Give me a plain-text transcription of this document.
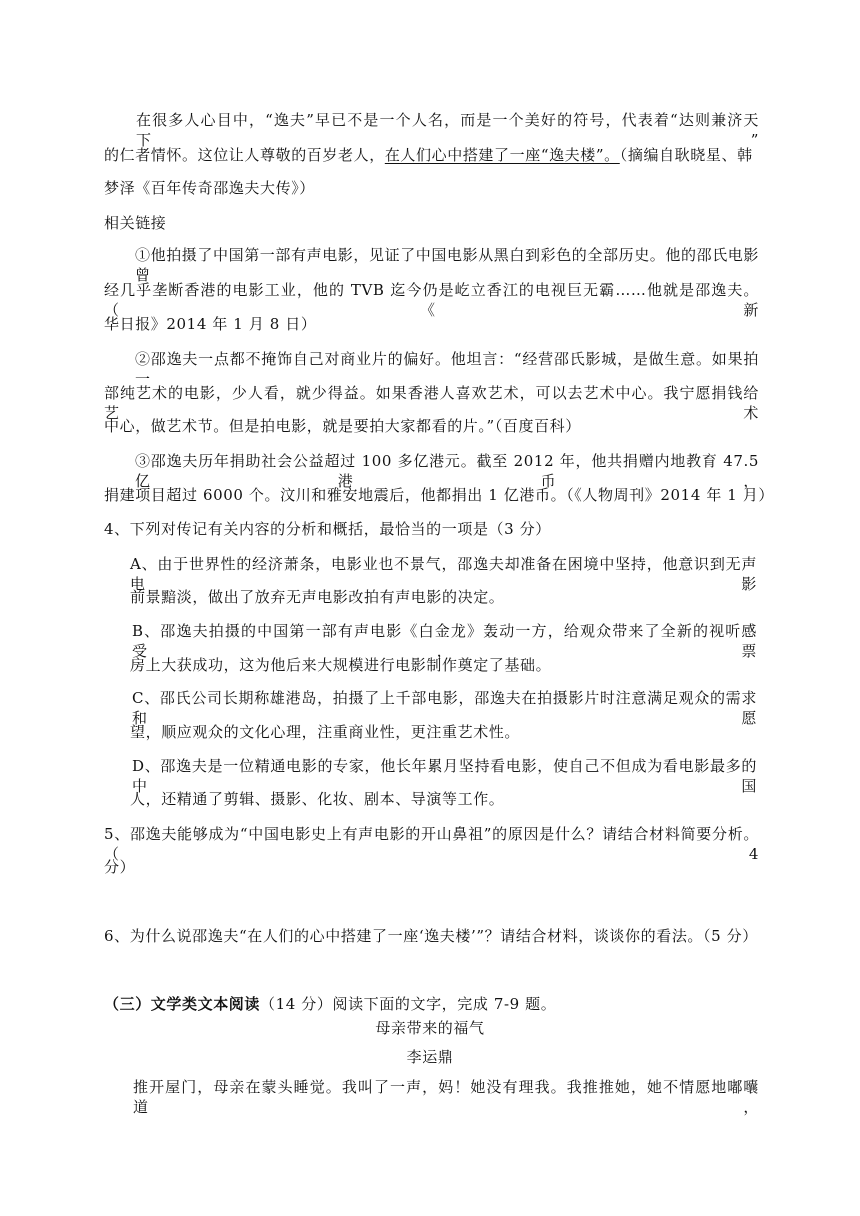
在很多人心目中，“逸夫”早已不是一个人名，而是一个美好的符号，代表着“达则兼济天下”
的仁者情怀。这位让人尊敬的百岁老人，在人们心中搭建了一座“逸夫楼”。（摘编自耿晓星、韩
梦泽《百年传奇邵逸夫大传》）
相关链接
①他拍摄了中国第一部有声电影，见证了中国电影从黑白到彩色的全部历史。他的邵氏电影曾
经几乎垄断香港的电影工业，他的 TVB 迄今仍是屹立香江的电视巨无霸……他就是邵逸夫。（《新
华日报》2014 年 1 月 8 日）
②邵逸夫一点都不掩饰自己对商业片的偏好。他坦言：“经营邵氏影城，是做生意。如果拍一
部纯艺术的电影，少人看，就少得益。如果香港人喜欢艺术，可以去艺术中心。我宁愿捐钱给艺术
中心，做艺术节。但是拍电影，就是要拍大家都看的片。”（百度百科）
③邵逸夫历年捐助社会公益超过 100 多亿港元。截至 2012 年，他共捐赠内地教育 47.5 亿港币，
捐建项目超过 6000 个。汶川和雅安地震后，他都捐出 1 亿港币。（《人物周刊》2014 年 1 月）
4、下列对传记有关内容的分析和概括，最恰当的一项是（3 分）
A、由于世界性的经济萧条，电影业也不景气，邵逸夫却准备在困境中坚持，他意识到无声电影
前景黯淡，做出了放弃无声电影改拍有声电影的决定。
B、邵逸夫拍摄的中国第一部有声电影《白金龙》轰动一方，给观众带来了全新的视听感受，票
房上大获成功，这为他后来大规模进行电影制作奠定了基础。
C、邵氏公司长期称雄港岛，拍摄了上千部电影，邵逸夫在拍摄影片时注意满足观众的需求和愿
望，顺应观众的文化心理，注重商业性，更注重艺术性。
D、邵逸夫是一位精通电影的专家，他长年累月坚持看电影，使自己不但成为看电影最多的中国
人，还精通了剪辑、摄影、化妆、剧本、导演等工作。
5、邵逸夫能够成为“中国电影史上有声电影的开山鼻祖”的原因是什么？请结合材料简要分析。（4
分）
6、为什么说邵逸夫“在人们的心中搭建了一座‘逸夫楼’”？请结合材料，谈谈你的看法。（5 分）
（三）文学类文本阅读（14 分）阅读下面的文字，完成 7-9 题。
母亲带来的福气
李运鼎
推开屋门，母亲在蒙头睡觉。我叫了一声，妈！她没有理我。我推推她，她不情愿地嘟囔道，
